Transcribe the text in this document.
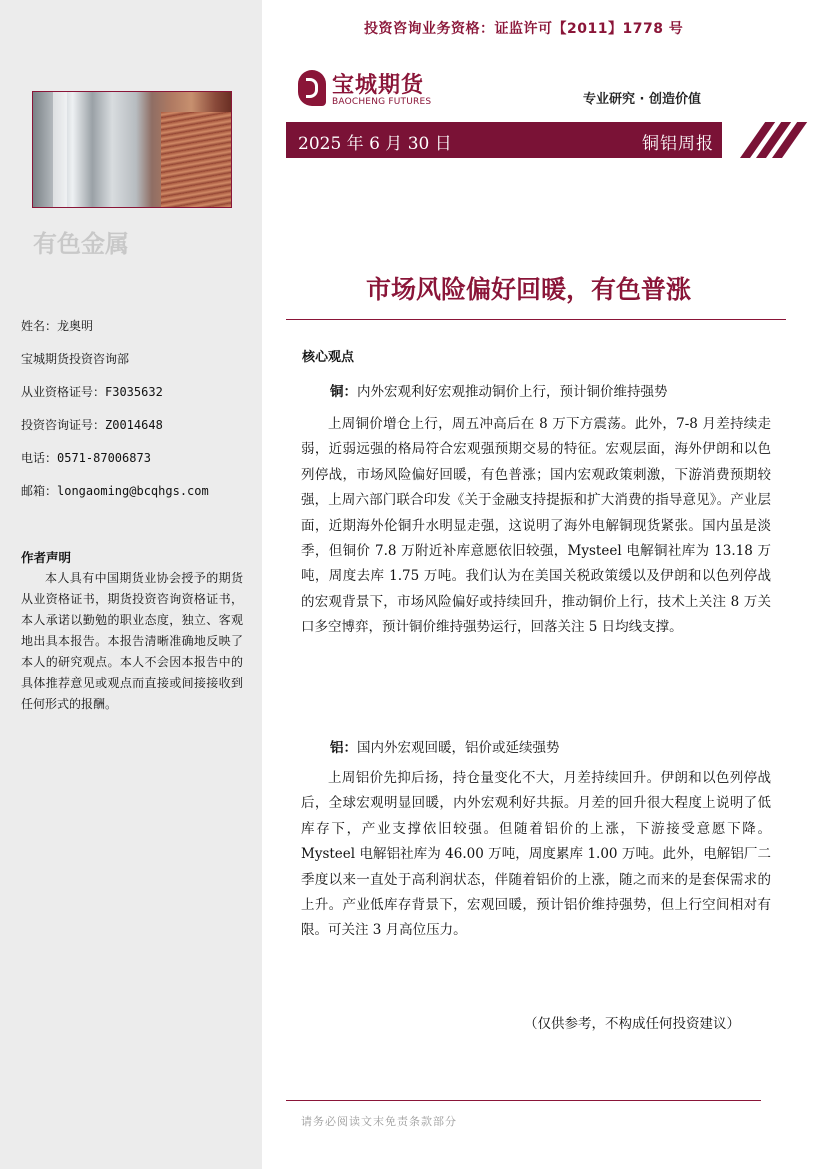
有色金属
姓名：龙奥明
宝城期货投资咨询部
从业资格证号：F3035632
投资咨询证号：Z0014648
电话：0571-87006873
邮箱：longaoming@bcqhgs.com
作者声明

本人具有中国期货业协会授予的期货从业资格证书，期货投资咨询资格证书，本人承诺以勤勉的职业态度，独立、客观地出具本报告。本报告清晰准确地反映了本人的研究观点。本人不会因本报告中的具体推荐意见或观点而直接或间接接收到任何形式的报酬。

投资咨询业务资格：证监许可【2011】1778 号
宝城期货
BAOCHENG FUTURES	专业研究 · 创造价值
2025 年 6 月 30 日	铜铝周报
市场风险偏好回暖，有色普涨
核心观点
铜：内外宏观利好宏观推动铜价上行，预计铜价维持强势

上周铜价增仓上行，周五冲高后在 8 万下方震荡。此外，7-8 月差持续走弱，近弱远强的格局符合宏观强预期交易的特征。宏观层面，海外伊朗和以色列停战，市场风险偏好回暖，有色普涨；国内宏观政策刺激，下游消费预期较强，上周六部门联合印发《关于金融支持提振和扩大消费的指导意见》。产业层面，近期海外伦铜升水明显走强，这说明了海外电解铜现货紧张。国内虽是淡季，但铜价 7.8 万附近补库意愿依旧较强，Mysteel 电解铜社库为 13.18 万吨，周度去库 1.75 万吨。我们认为在美国关税政策缓以及伊朗和以色列停战的宏观背景下，市场风险偏好或持续回升，推动铜价上行，技术上关注 8 万关口多空博弈，预计铜价维持强势运行，回落关注 5 日均线支撑。

铝：国内外宏观回暖，铝价或延续强势

上周铝价先抑后扬，持仓量变化不大，月差持续回升。伊朗和以色列停战后，全球宏观明显回暖，内外宏观利好共振。月差的回升很大程度上说明了低库存下，产业支撑依旧较强。但随着铝价的上涨，下游接受意愿下降。Mysteel 电解铝社库为 46.00 万吨，周度累库 1.00 万吨。此外，电解铝厂二季度以来一直处于高利润状态，伴随着铝价的上涨，随之而来的是套保需求的上升。产业低库存背景下，宏观回暖，预计铝价维持强势，但上行空间相对有限。可关注 3 月高位压力。

（仅供参考，不构成任何投资建议）
请务必阅读文末免责条款部分
